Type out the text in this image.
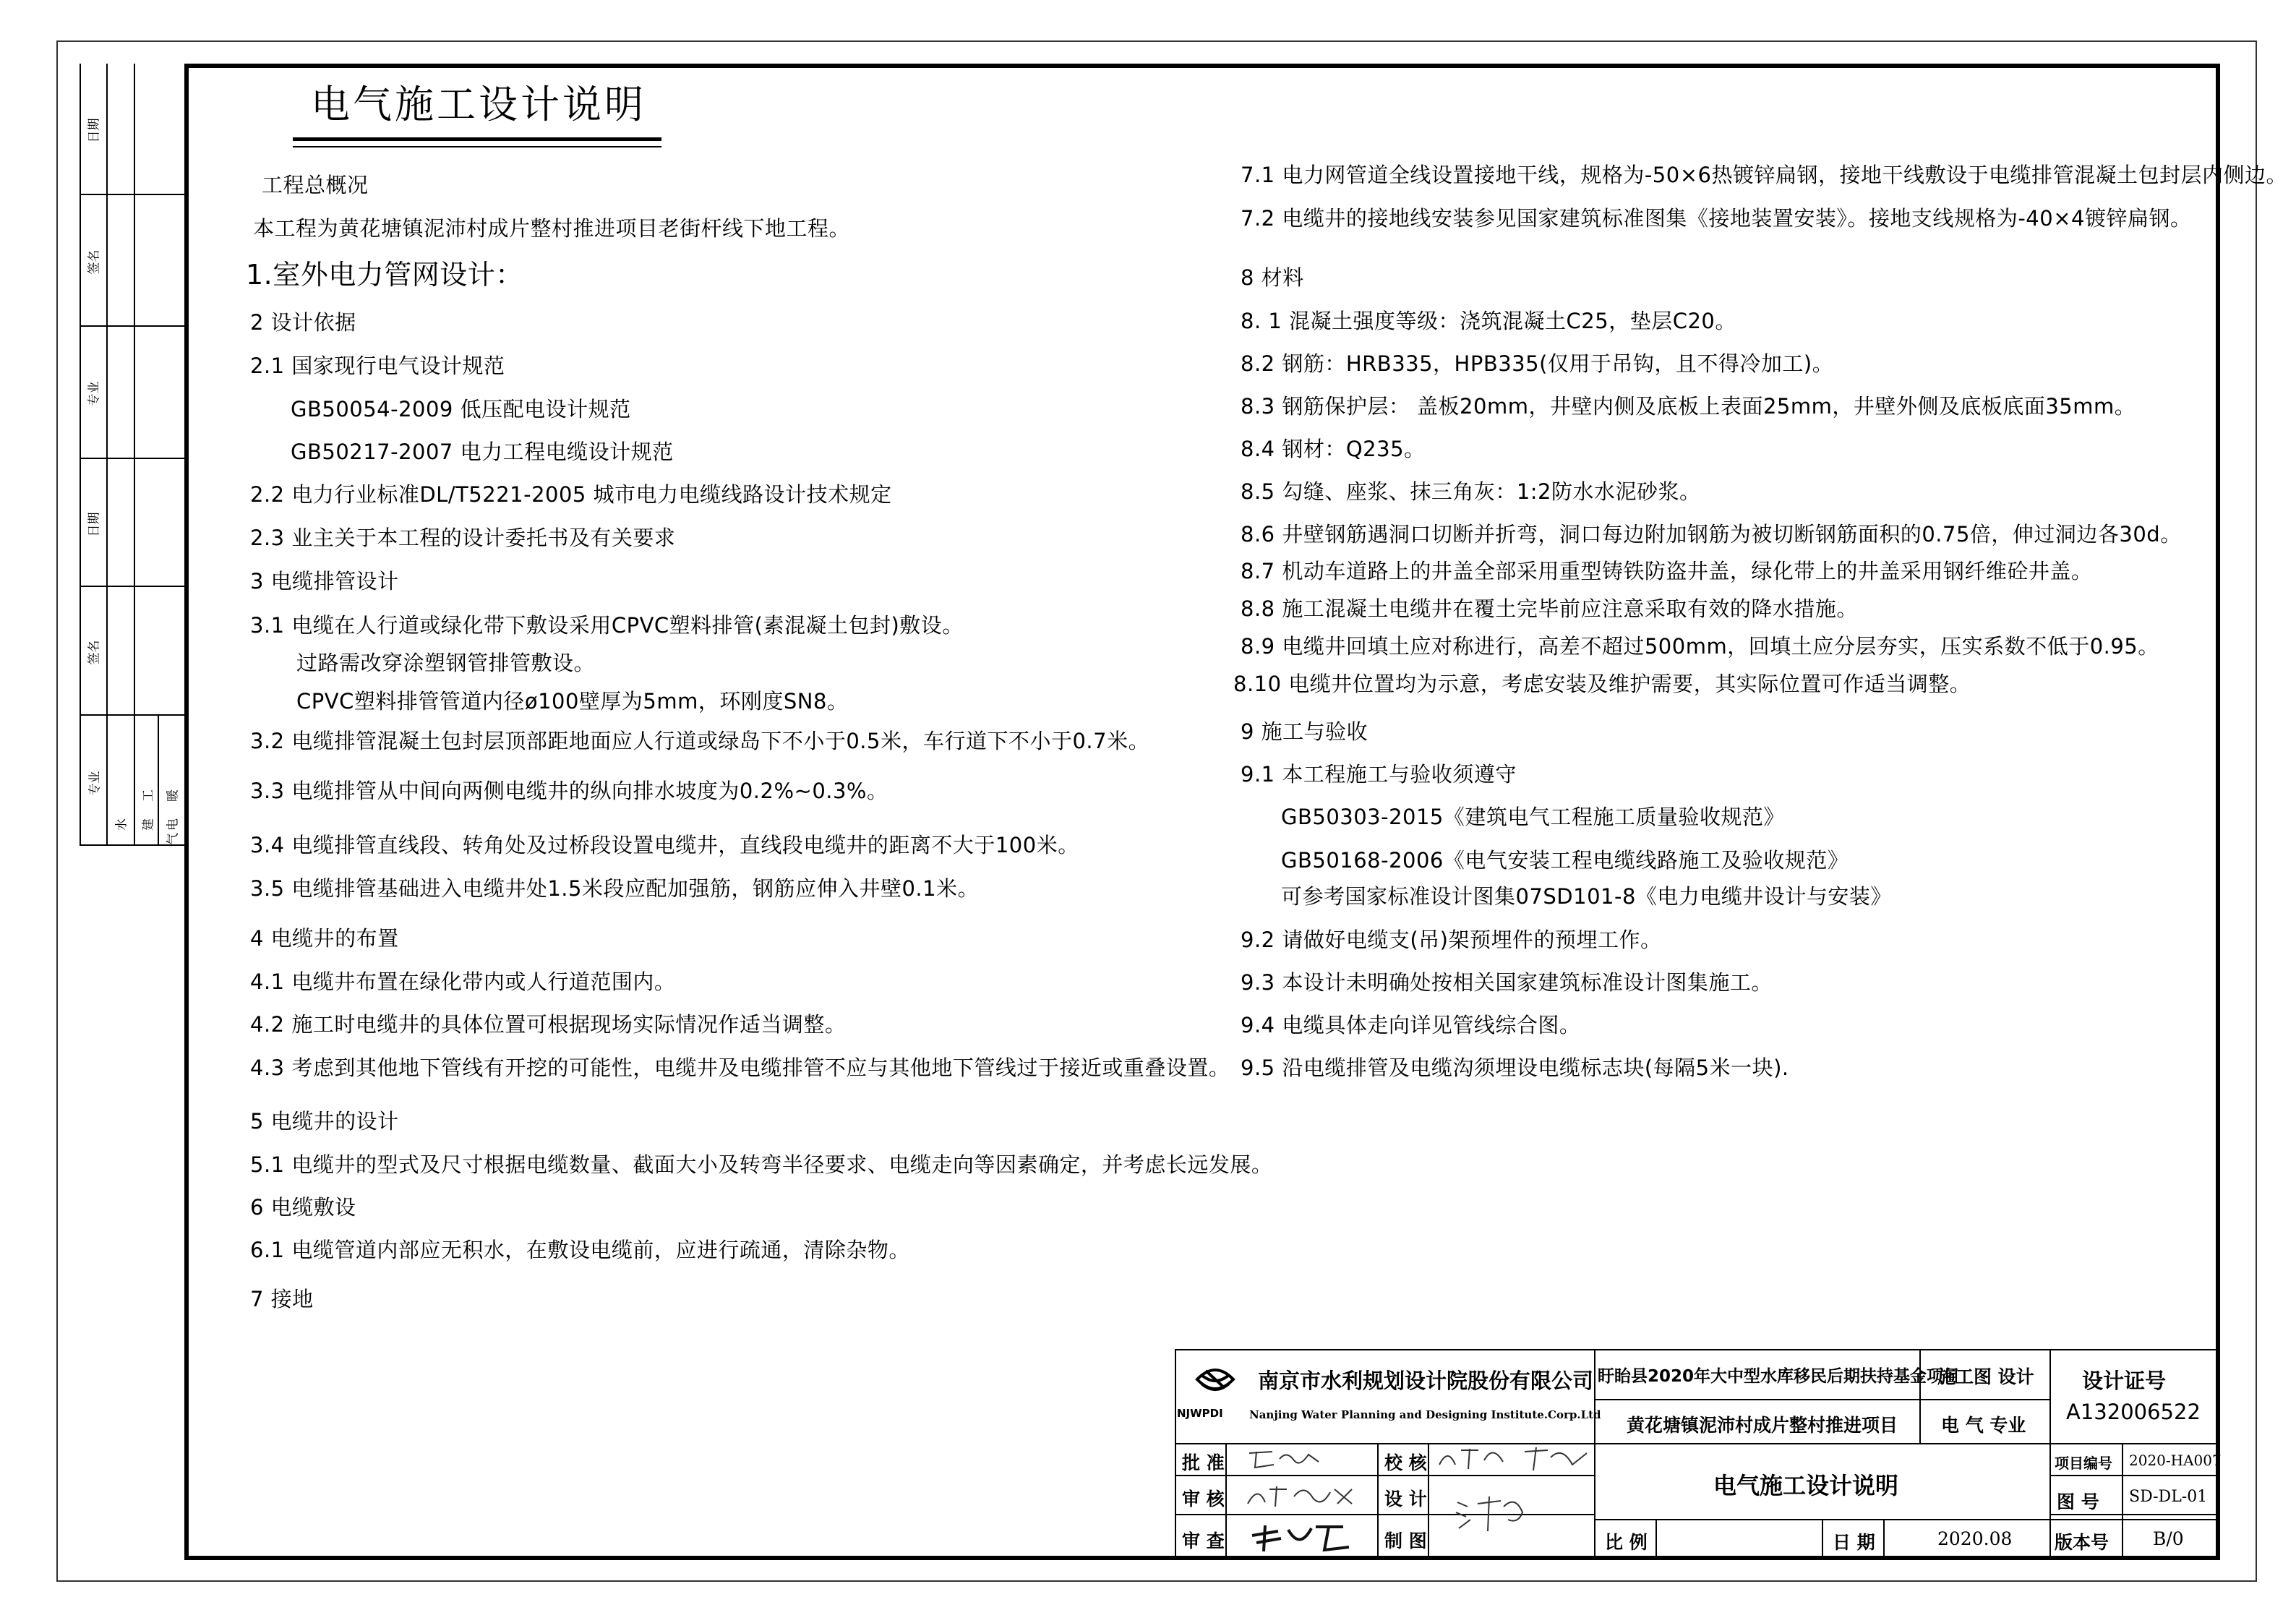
日期
签名
专业
日期
签名
专业
水
工
建
暖
电
气
电气施工设计说明
工程总概况
本工程为黄花塘镇泥沛村成片整村推进项目老街杆线下地工程。
1.室外电力管网设计：
2 设计依据
2.1 国家现行电气设计规范
GB50054-2009 低压配电设计规范
GB50217-2007 电力工程电缆设计规范
2.2 电力行业标准DL/T5221-2005 城市电力电缆线路设计技术规定
2.3 业主关于本工程的设计委托书及有关要求
3 电缆排管设计
3.1 电缆在人行道或绿化带下敷设采用CPVC塑料排管(素混凝土包封)敷设。
过路需改穿涂塑钢管排管敷设。
CPVC塑料排管管道内径ø100壁厚为5mm，环刚度SN8。
3.2 电缆排管混凝土包封层顶部距地面应人行道或绿岛下不小于0.5米，车行道下不小于0.7米。
3.3 电缆排管从中间向两侧电缆井的纵向排水坡度为0.2%~0.3%。
3.4 电缆排管直线段、转角处及过桥段设置电缆井，直线段电缆井的距离不大于100米。
3.5 电缆排管基础进入电缆井处1.5米段应配加强筋，钢筋应伸入井壁0.1米。
4 电缆井的布置
4.1 电缆井布置在绿化带内或人行道范围内。
4.2 施工时电缆井的具体位置可根据现场实际情况作适当调整。
4.3 考虑到其他地下管线有开挖的可能性，电缆井及电缆排管不应与其他地下管线过于接近或重叠设置。
5 电缆井的设计
5.1 电缆井的型式及尺寸根据电缆数量、截面大小及转弯半径要求、电缆走向等因素确定，并考虑长远发展。
6 电缆敷设
6.1 电缆管道内部应无积水，在敷设电缆前，应进行疏通，清除杂物。
7 接地
7.1 电力网管道全线设置接地干线，规格为-50×6热镀锌扁钢，接地干线敷设于电缆排管混凝土包封层内侧边。
7.2 电缆井的接地线安装参见国家建筑标准图集《接地装置安装》。接地支线规格为-40×4镀锌扁钢。
8 材料
8. 1 混凝土强度等级：浇筑混凝土C25，垫层C20。
8.2 钢筋：HRB335，HPB335(仅用于吊钩，且不得冷加工)。
8.3 钢筋保护层： 盖板20mm，井壁内侧及底板上表面25mm，井壁外侧及底板底面35mm。
8.4 钢材：Q235。
8.5 勾缝、座浆、抹三角灰：1:2防水水泥砂浆。
8.6 井壁钢筋遇洞口切断并折弯，洞口每边附加钢筋为被切断钢筋面积的0.75倍，伸过洞边各30d。
8.7 机动车道路上的井盖全部采用重型铸铁防盗井盖，绿化带上的井盖采用钢纤维砼井盖。
8.8 施工混凝土电缆井在覆土完毕前应注意采取有效的降水措施。
8.9 电缆井回填土应对称进行，高差不超过500mm，回填土应分层夯实，压实系数不低于0.95。
8.10 电缆井位置均为示意，考虑安装及维护需要，其实际位置可作适当调整。
9 施工与验收
9.1 本工程施工与验收须遵守
GB50303-2015《建筑电气工程施工质量验收规范》
GB50168-2006《电气安装工程电缆线路施工及验收规范》
可参考国家标准设计图集07SD101-8《电力电缆井设计与安装》
9.2 请做好电缆支(吊)架预埋件的预埋工作。
9.3 本设计未明确处按相关国家建筑标准设计图集施工。
9.4 电缆具体走向详见管线综合图。
9.5 沿电缆排管及电缆沟须埋设电缆标志块(每隔5米一块).
NJWPDI
南京市水利规划设计院股份有限公司
Nanjing Water Planning and Designing Institute.Corp.Ltd
盱眙县2020年大中型水库移民后期扶持基金项目
黄花塘镇泥沛村成片整村推进项目
施工图 设计
电 气 专业
设计证号
A132006522
批 准
审 核
审 查
校 核
设 计
制 图
电气施工设计说明
项目编号 2020-HA007
图 号 SD-DL-01
比 例	日 期	2020.08 版本号 B/0
